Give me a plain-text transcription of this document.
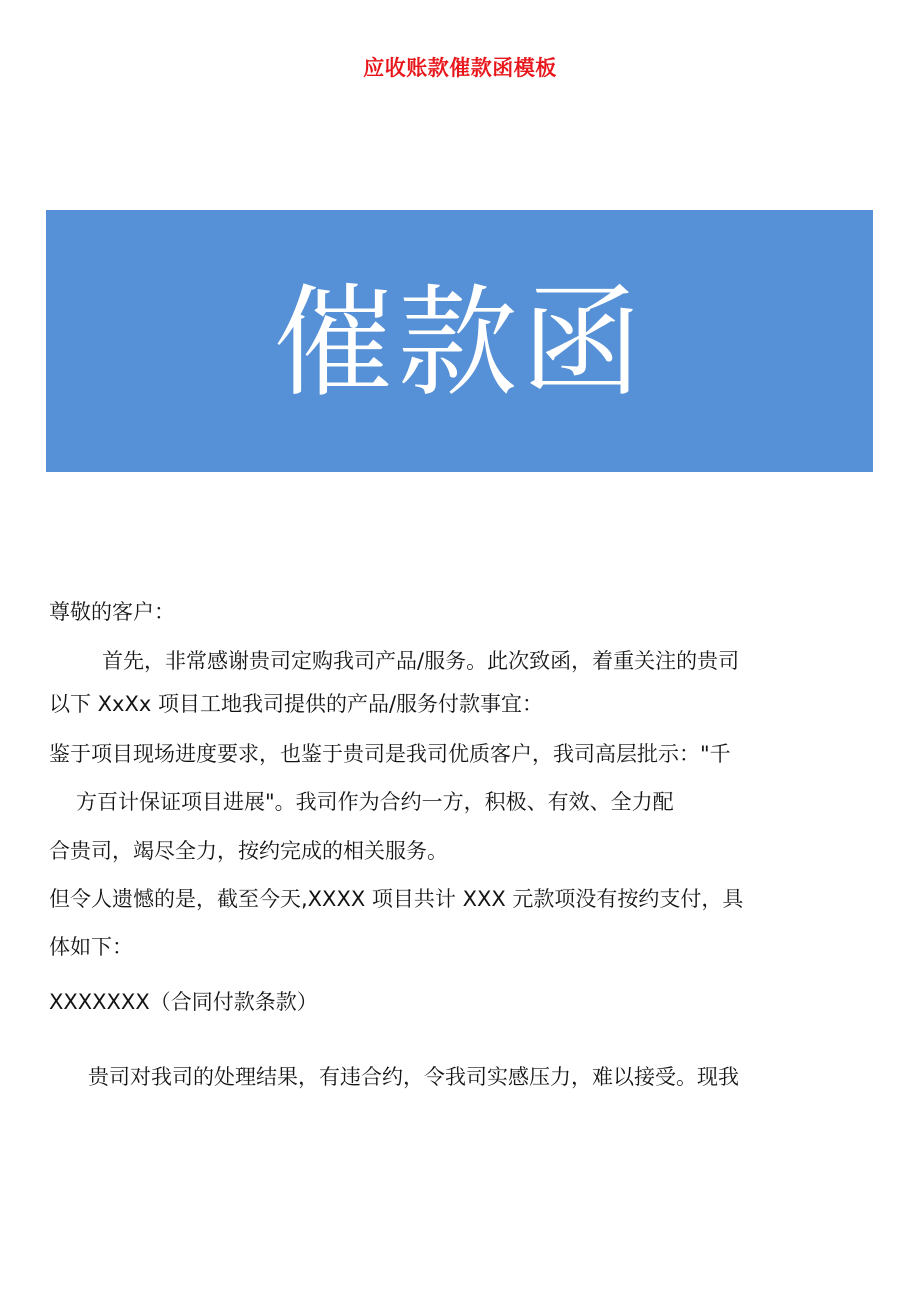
应收账款催款函模板
催款函
尊敬的客户：
首先，非常感谢贵司定购我司产品/服务。此次致函，着重关注的贵司
以下 XxXx 项目工地我司提供的产品/服务付款事宜：
鉴于项目现场进度要求，也鉴于贵司是我司优质客户，我司高层批示："千
方百计保证项目进展"。我司作为合约一方，积极、有效、全力配
合贵司，竭尽全力，按约完成的相关服务。
但令人遗憾的是，截至今天,XXXX 项目共计 XXX 元款项没有按约支付，具
体如下：
XXXXXXX（合同付款条款）
贵司对我司的处理结果，有违合约，令我司实感压力，难以接受。现我
